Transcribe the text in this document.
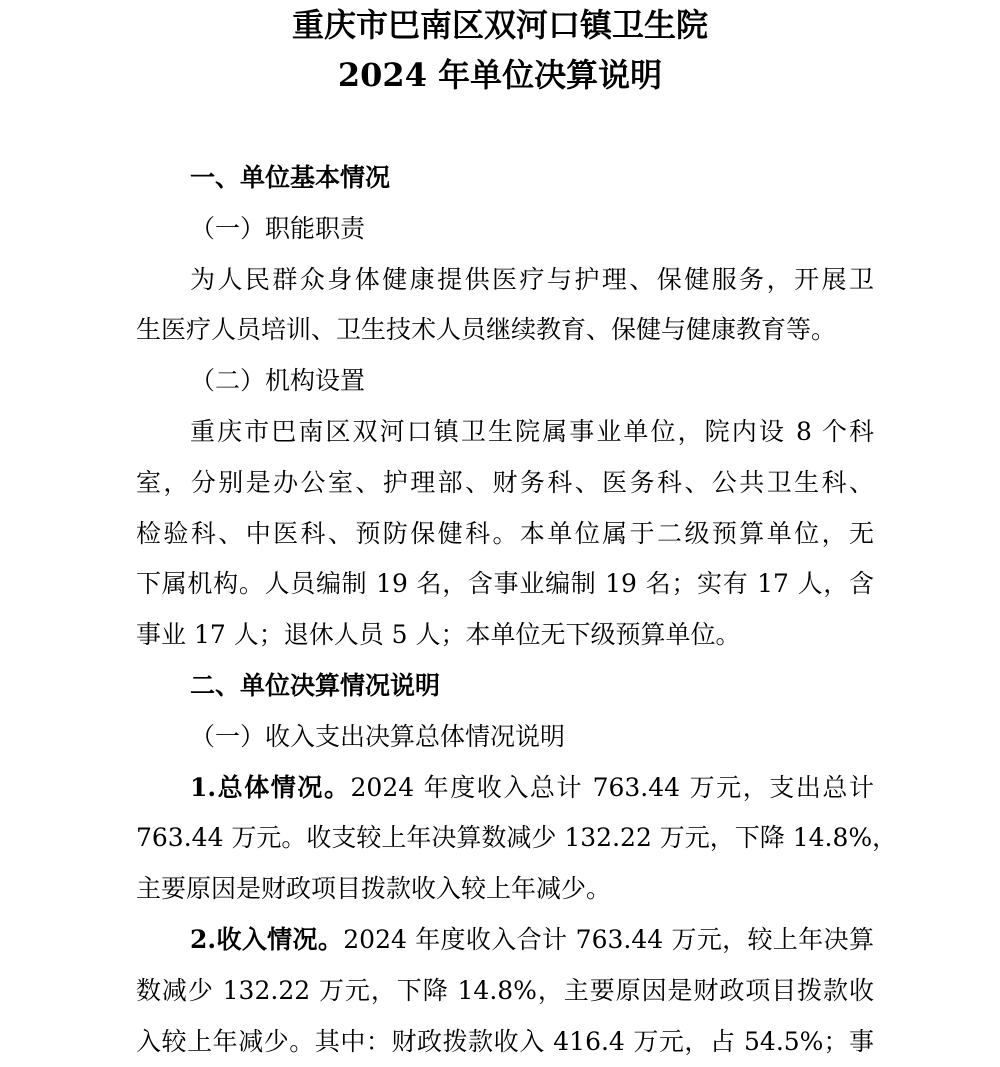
重庆市巴南区双河口镇卫生院
2024 年单位决算说明
一、单位基本情况
（一）职能职责
为人民群众身体健康提供医疗与护理、保健服务，开展卫
生医疗人员培训、卫生技术人员继续教育、保健与健康教育等。
（二）机构设置
重庆市巴南区双河口镇卫生院属事业单位，院内设 8 个科
室，分别是办公室、护理部、财务科、医务科、公共卫生科、
检验科、中医科、预防保健科。本单位属于二级预算单位，无
下属机构。人员编制 19 名，含事业编制 19 名；实有 17 人，含
事业 17 人；退休人员 5 人；本单位无下级预算单位。
二、单位决算情况说明
（一）收入支出决算总体情况说明
1.总体情况。2024 年度收入总计 763.44 万元，支出总计
763.44 万元。收支较上年决算数减少 132.22 万元，下降 14.8%，
主要原因是财政项目拨款收入较上年减少。
2.收入情况。2024 年度收入合计 763.44 万元，较上年决算
数减少 132.22 万元，下降 14.8%，主要原因是财政项目拨款收
入较上年减少。其中：财政拨款收入 416.4 万元，占 54.5%；事
